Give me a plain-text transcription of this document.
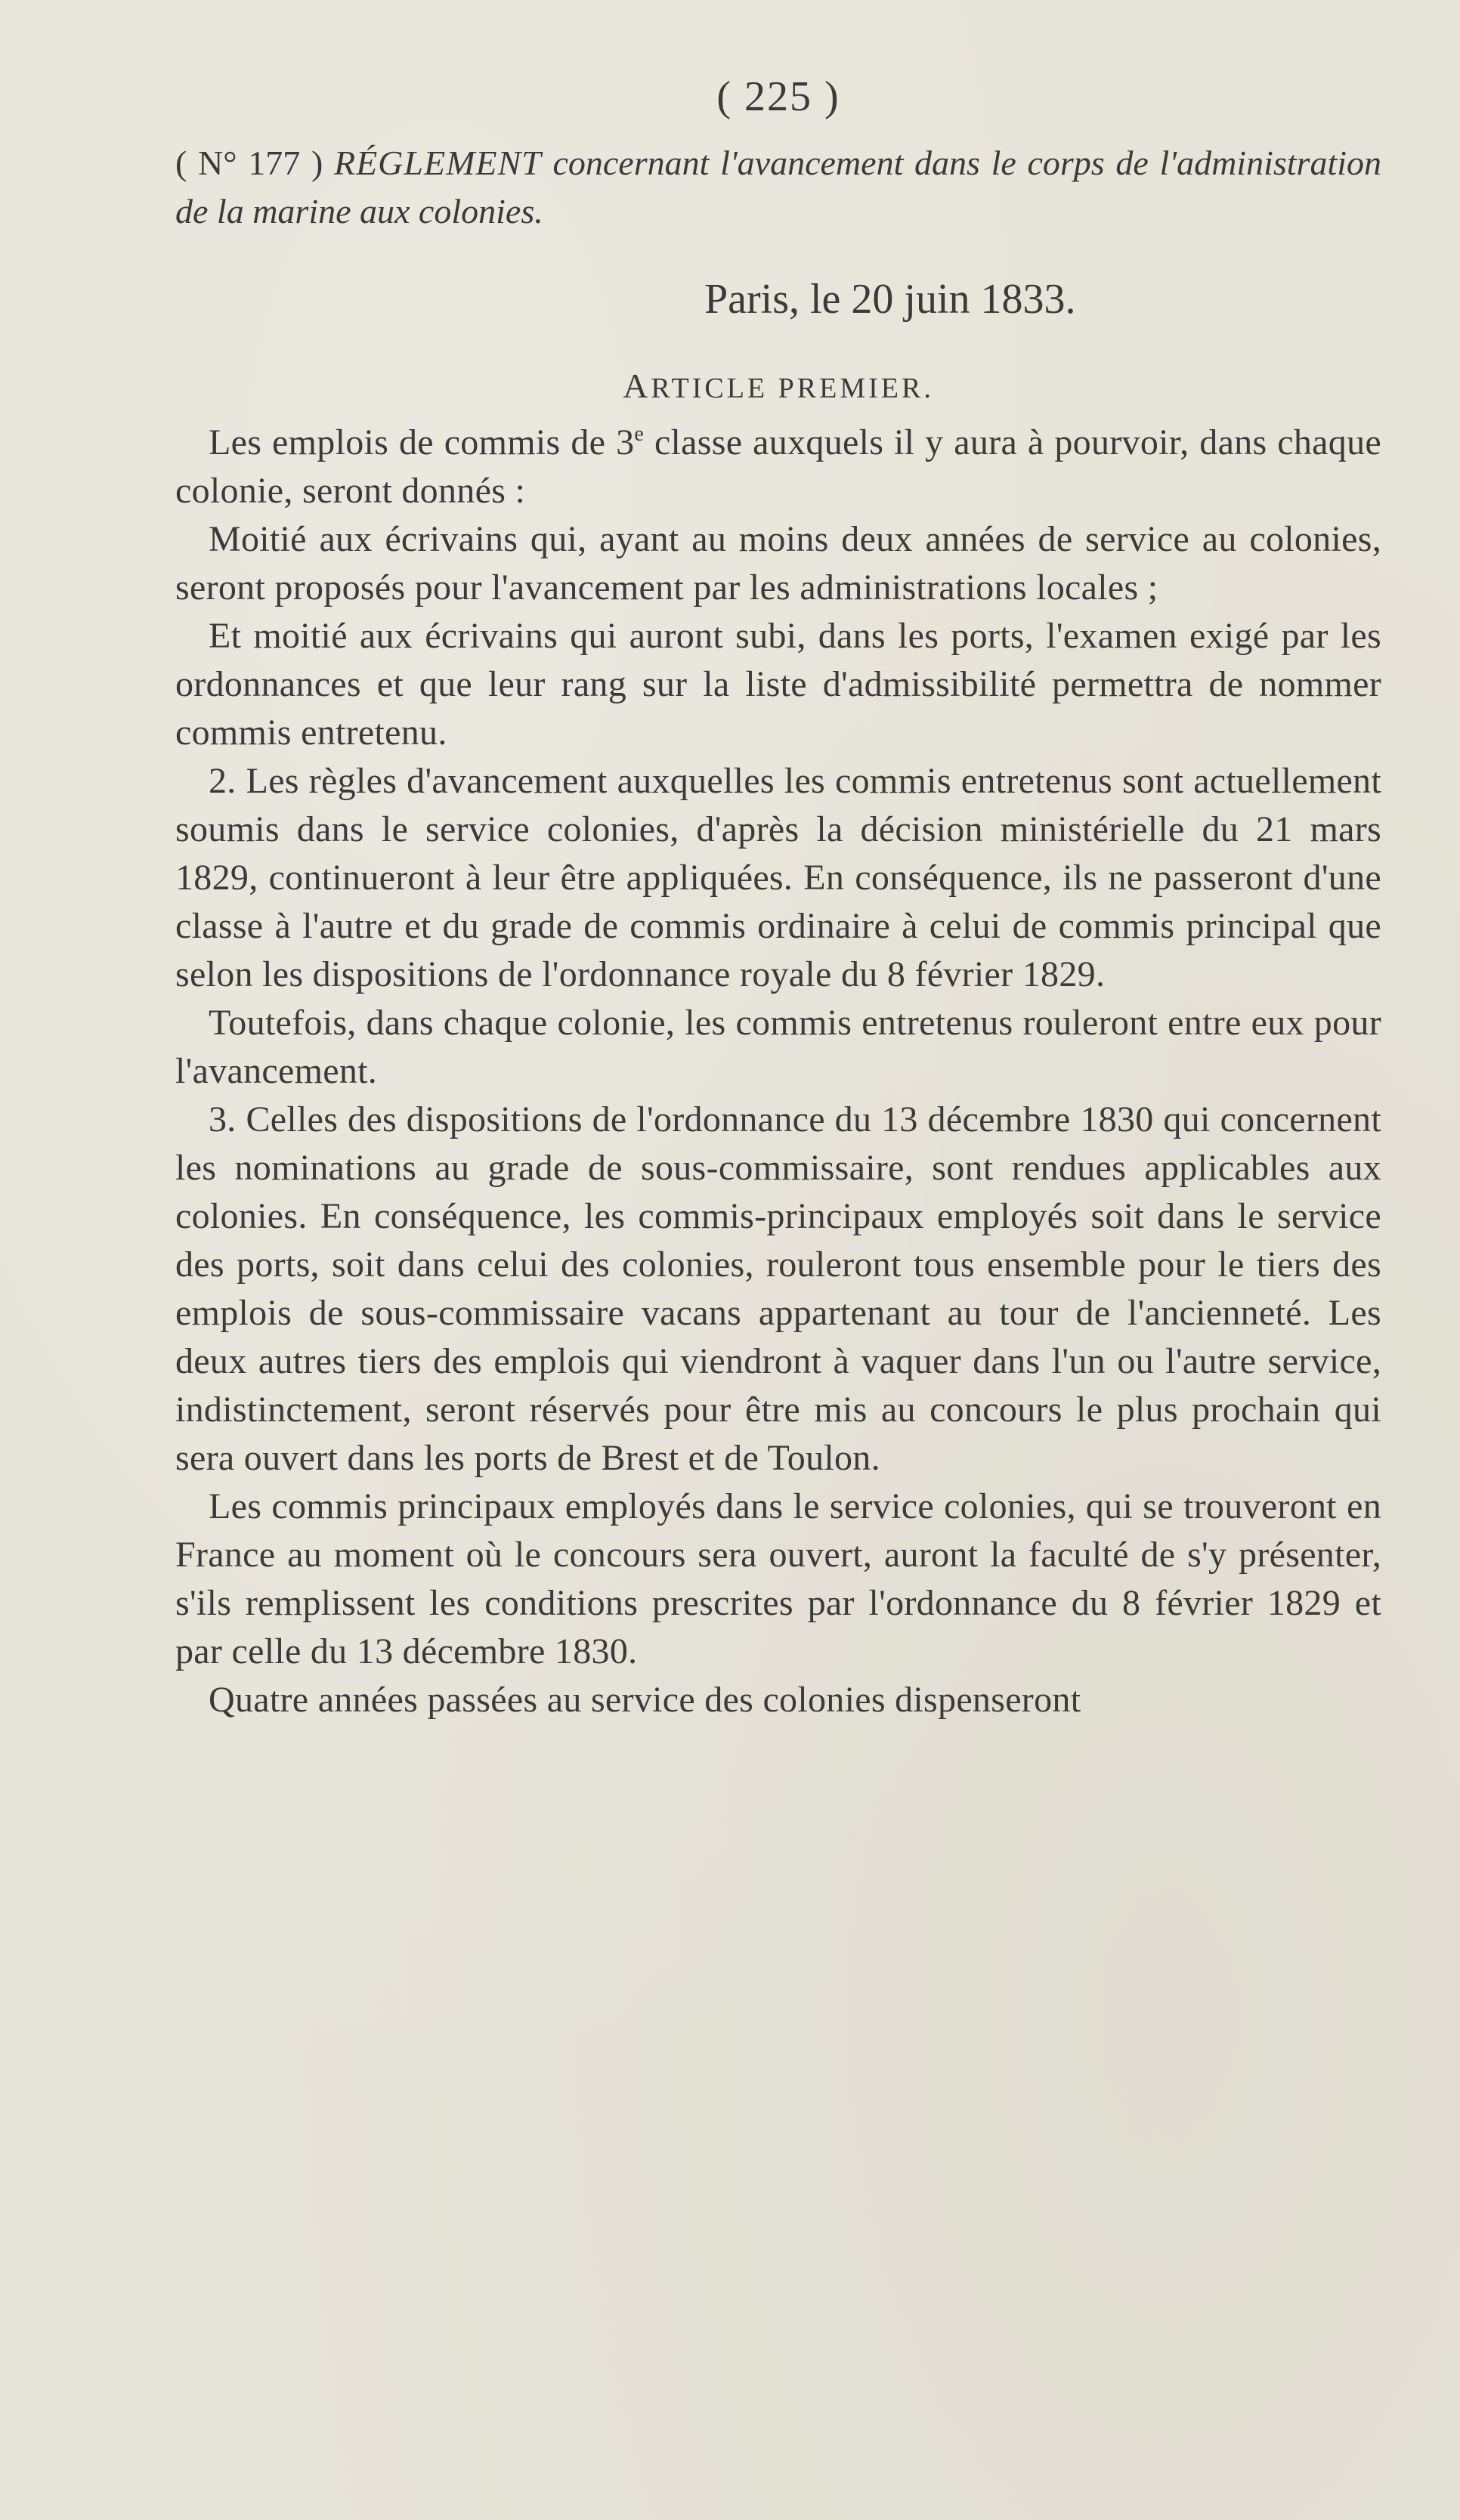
( 225 )

( N° 177 ) RÉGLEMENT concernant l'avancement dans le corps de l'administration de la marine aux colonies.

Paris, le 20 juin 1833.
ARTICLE PREMIER.

Les emplois de commis de 3e classe auxquels il y aura à pourvoir, dans chaque colonie, seront donnés :

Moitié aux écrivains qui, ayant au moins deux années de service au colonies, seront proposés pour l'avancement par les administrations locales ;

Et moitié aux écrivains qui auront subi, dans les ports, l'examen exigé par les ordonnances et que leur rang sur la liste d'admissibilité permettra de nommer commis entretenu.

2. Les règles d'avancement auxquelles les commis entretenus sont actuellement soumis dans le service colonies, d'après la décision ministérielle du 21 mars 1829, continueront à leur être appliquées. En conséquence, ils ne passeront d'une classe à l'autre et du grade de commis ordinaire à celui de commis principal que selon les dispositions de l'ordonnance royale du 8 février 1829.

Toutefois, dans chaque colonie, les commis entretenus rouleront entre eux pour l'avancement.

3. Celles des dispositions de l'ordonnance du 13 décembre 1830 qui concernent les nominations au grade de sous-commissaire, sont rendues applicables aux colonies. En conséquence, les commis-principaux employés soit dans le service des ports, soit dans celui des colonies, rouleront tous ensemble pour le tiers des emplois de sous-commissaire vacans appartenant au tour de l'ancienneté. Les deux autres tiers des emplois qui viendront à vaquer dans l'un ou l'autre service, indistinctement, seront réservés pour être mis au concours le plus prochain qui sera ouvert dans les ports de Brest et de Toulon.

Les commis principaux employés dans le service colonies, qui se trouveront en France au moment où le concours sera ouvert, auront la faculté de s'y présenter, s'ils remplissent les conditions prescrites par l'ordonnance du 8 février 1829 et par celle du 13 décembre 1830.

Quatre années passées au service des colonies dispenseront
